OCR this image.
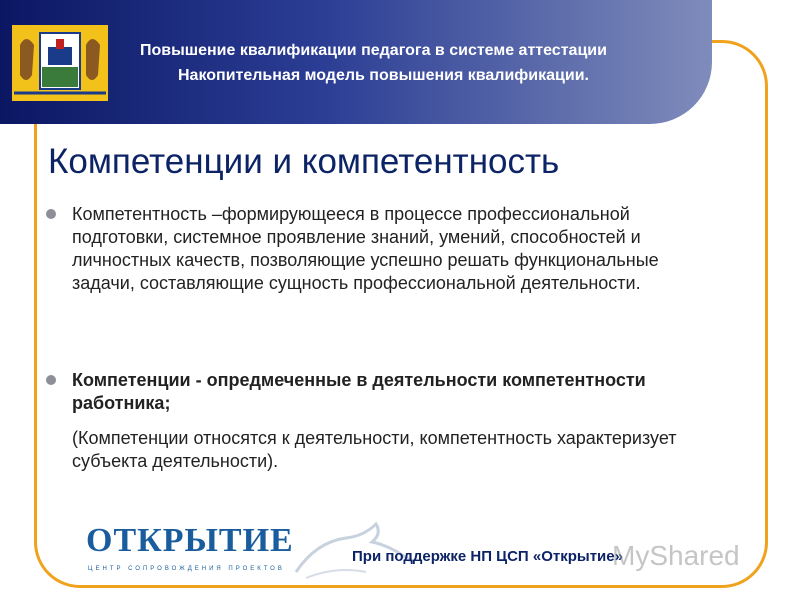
Повышение квалификации педагога в системе аттестации
Накопительная модель повышения квалификации.
Компетенции и компетентность
Компетентность –формирующееся в процессе профессиональной подготовки, системное проявление знаний, умений, способностей и личностных качеств, позволяющие успешно решать функциональные задачи, составляющие сущность профессиональной деятельности.
Компетенции - опредмеченные в деятельности компетентности работника;
(Компетенции относятся к деятельности, компетентность характеризует субъекта деятельности).
ОТКРЫТИЕ
ЦЕНТР СОПРОВОЖДЕНИЯ ПРОЕКТОВ
При поддержке НП ЦСП «Открытие»
MyShared
